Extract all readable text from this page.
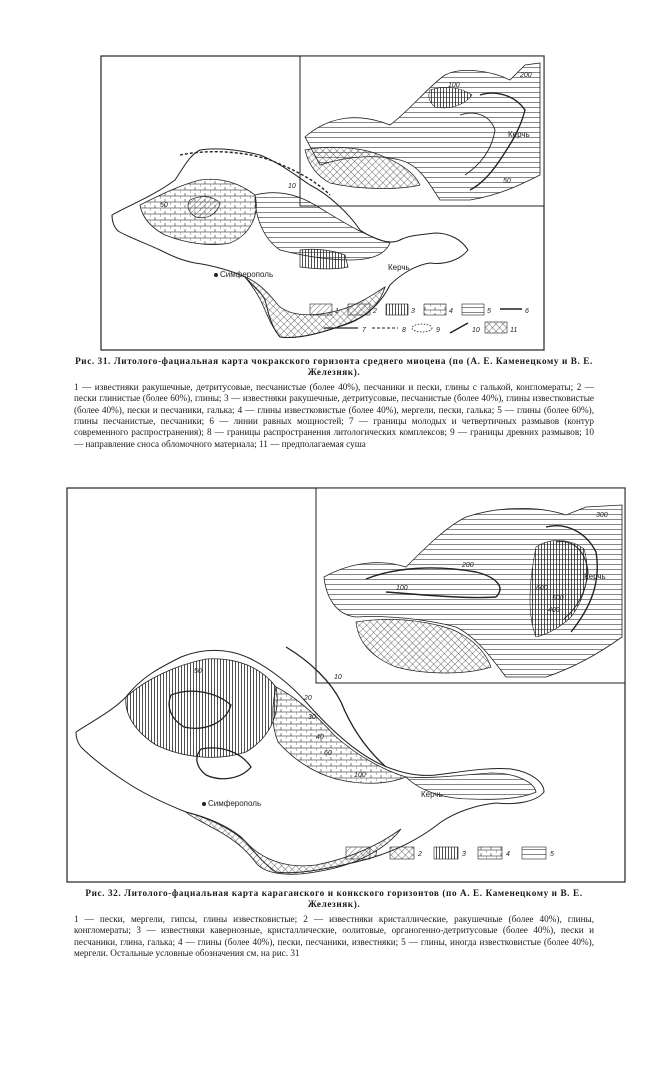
Керчь
100
200
50
10
50
Керчь
Симферополь
1	2	3	4	5	6
7	8	9	10	11
Рис. 31. Литолого-фациальная карта чокракского горизонта среднего миоцена (по (А. Е. Каменецкому и В. Е. Железняк).
1 — известняки ракушечные, детритусовые, песчанистые (более 40%), песчаники и пески, глины с галькой, конгломераты; 2 — пески глинистые (более 60%), глины; 3 — известняки ракушечные, детритусовые, песчанистые (более 40%), глины известковистые (более 40%), пески и песчаники, галька; 4 — глины известковистые (более 40%), мергели, пески, галька; 5 — глины (более 60%), глины песчанистые, песчаники; 6 — линии равных мощностей; 7 — границы молодых и четвертичных размывов (контур современного распространения); 8 — границы распространения литологических комплексов; 9 — границы древних размывов; 10 — направление сноса обломочного материала; 11 — предполагаемая суша
Керчь
200
300
400
500
600
100
10
20
30
40
50
60
100
Керчь
Симферополь
1	2	3	4	5
Рис. 32. Литолого-фациальная карта караганского и конкского горизонтов (по А. Е. Каменецкому и В. Е. Железняк).
1 — пески, мергели, гипсы, глины известковистые; 2 — известняки кристаллические, ракушечные (более 40%), глины, конгломераты; 3 — известняки кавернозные, кристаллические, оолитовые, органогенно-детритусовые (более 40%), пески и песчаники, глина, галька; 4 — глины (более 40%), пески, песчаники, известняки; 5 — глины, иногда известковистые (более 40%), мергели. Остальные условные обозначения см. на рис. 31
